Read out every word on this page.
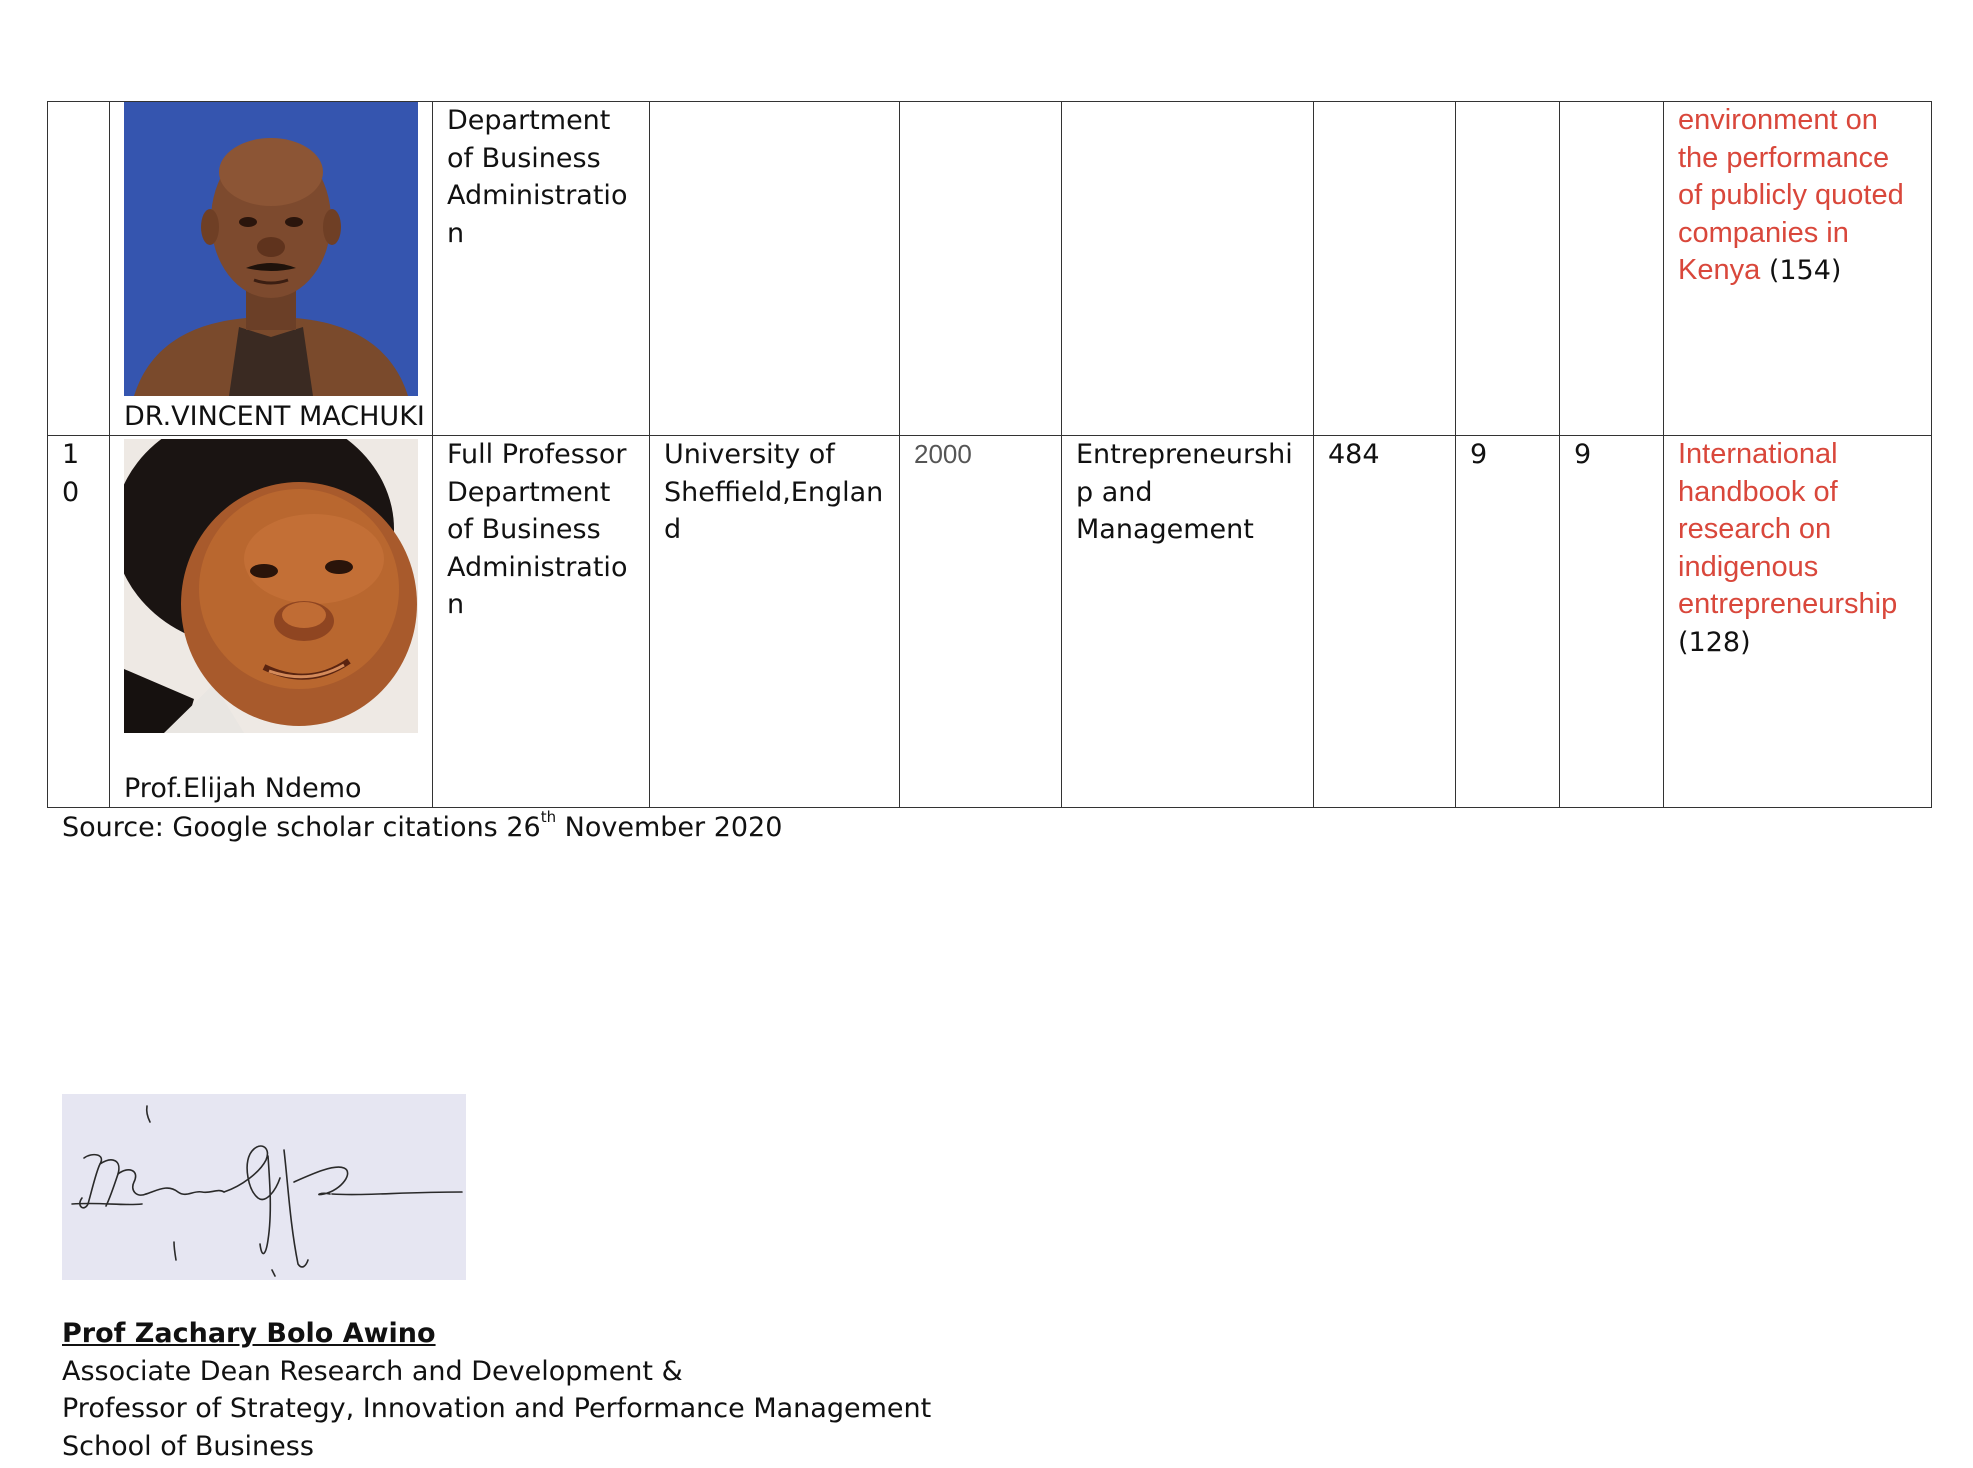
	DR.VINCENT MACHUKI	Department of Business Administration							environment on the performance of publicly quoted companies in Kenya (154)
10	Prof.Elijah Ndemo	Full Professor Department of Business Administration	University of Sheffield,England	2000	Entrepreneurship and Management	484	9	9	International handbook of research on indigenous entrepreneurship (128)
Source: Google scholar citations 26th November 2020
Prof Zachary Bolo Awino
Associate Dean Research and Development &
Professor of Strategy, Innovation and Performance Management
School of Business
